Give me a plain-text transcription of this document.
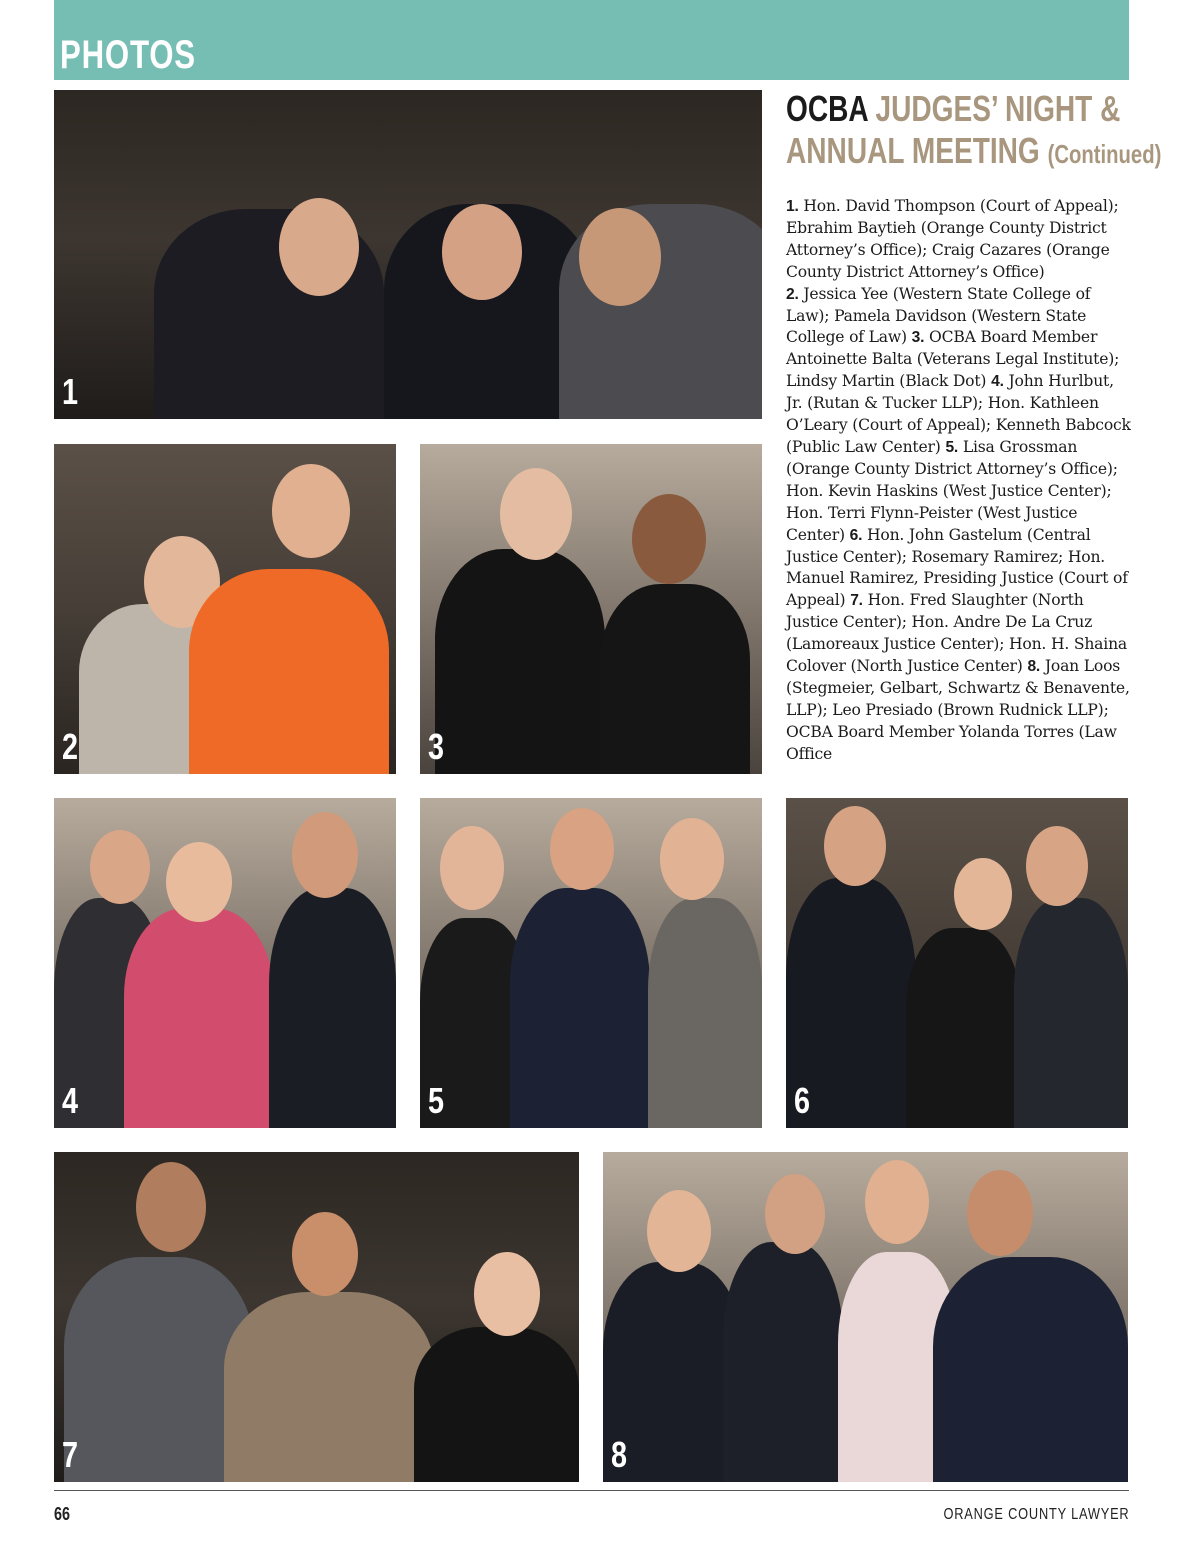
PHOTOS
1
2	3
4	5	6
7	8
OCBA JUDGES’ NIGHT &
ANNUAL MEETING (Continued)
1. Hon. David Thompson (Court of Appeal); Ebrahim Baytieh (Orange County District Attorney’s Office); Craig Cazares (Orange County District Attorney’s Office)
2. Jessica Yee (Western State College of Law); Pamela Davidson (Western State College of Law) 3. OCBA Board Member Antoinette Balta (Veterans Legal Institute); Lindsy Martin (Black Dot) 4. John Hurlbut, Jr. (Rutan & Tucker LLP); Hon. Kathleen O’Leary (Court of Appeal); Kenneth Babcock (Public Law Center) 5. Lisa Grossman (Orange County District Attorney’s Office); Hon. Kevin Haskins (West Justice Center); Hon. Terri Flynn-Peister (West Justice Center) 6. Hon. John Gastelum (Central Justice Center); Rosemary Ramirez; Hon. Manuel Ramirez, Presiding Justice (Court of Appeal) 7. Hon. Fred Slaughter (North Justice Center); Hon. Andre De La Cruz (Lamoreaux Justice Center); Hon. H. Shaina Colover (North Justice Center) 8. Joan Loos (Stegmeier, Gelbart, Schwartz & Benavente, LLP); Leo Presiado (Brown Rudnick LLP); OCBA Board Member Yolanda Torres (Law Office
66	ORANGE COUNTY LAWYER
